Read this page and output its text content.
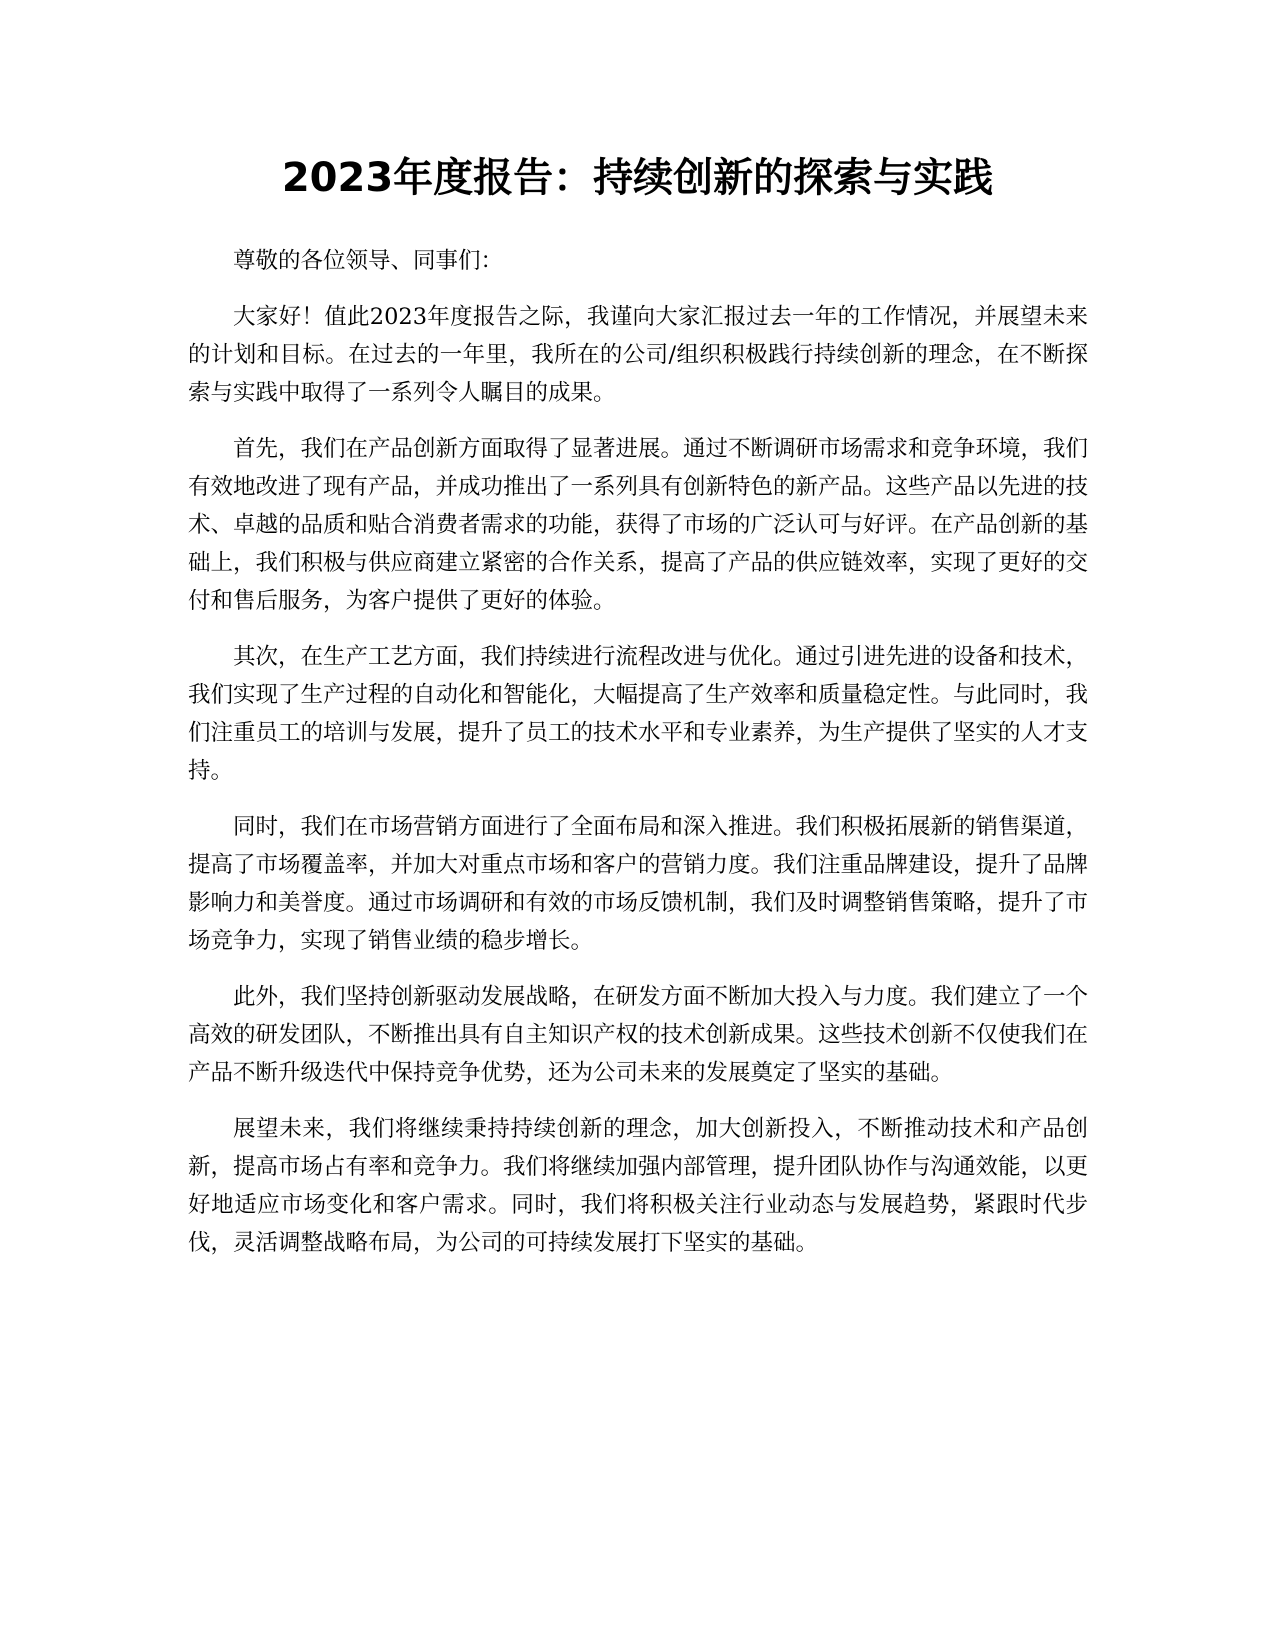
2023年度报告：持续创新的探索与实践

尊敬的各位领导、同事们：

大家好！值此2023年度报告之际，我谨向大家汇报过去一年的工作情况，并展望未来的计划和目标。在过去的一年里，我所在的公司/组织积极践行持续创新的理念，在不断探索与实践中取得了一系列令人瞩目的成果。

首先，我们在产品创新方面取得了显著进展。通过不断调研市场需求和竞争环境，我们有效地改进了现有产品，并成功推出了一系列具有创新特色的新产品。这些产品以先进的技术、卓越的品质和贴合消费者需求的功能，获得了市场的广泛认可与好评。在产品创新的基础上，我们积极与供应商建立紧密的合作关系，提高了产品的供应链效率，实现了更好的交付和售后服务，为客户提供了更好的体验。

其次，在生产工艺方面，我们持续进行流程改进与优化。通过引进先进的设备和技术，我们实现了生产过程的自动化和智能化，大幅提高了生产效率和质量稳定性。与此同时，我们注重员工的培训与发展，提升了员工的技术水平和专业素养，为生产提供了坚实的人才支持。

同时，我们在市场营销方面进行了全面布局和深入推进。我们积极拓展新的销售渠道，提高了市场覆盖率，并加大对重点市场和客户的营销力度。我们注重品牌建设，提升了品牌影响力和美誉度。通过市场调研和有效的市场反馈机制，我们及时调整销售策略，提升了市场竞争力，实现了销售业绩的稳步增长。

此外，我们坚持创新驱动发展战略，在研发方面不断加大投入与力度。我们建立了一个高效的研发团队，不断推出具有自主知识产权的技术创新成果。这些技术创新不仅使我们在产品不断升级迭代中保持竞争优势，还为公司未来的发展奠定了坚实的基础。

展望未来，我们将继续秉持持续创新的理念，加大创新投入，不断推动技术和产品创新，提高市场占有率和竞争力。我们将继续加强内部管理，提升团队协作与沟通效能，以更好地适应市场变化和客户需求。同时，我们将积极关注行业动态与发展趋势，紧跟时代步伐，灵活调整战略布局，为公司的可持续发展打下坚实的基础。
